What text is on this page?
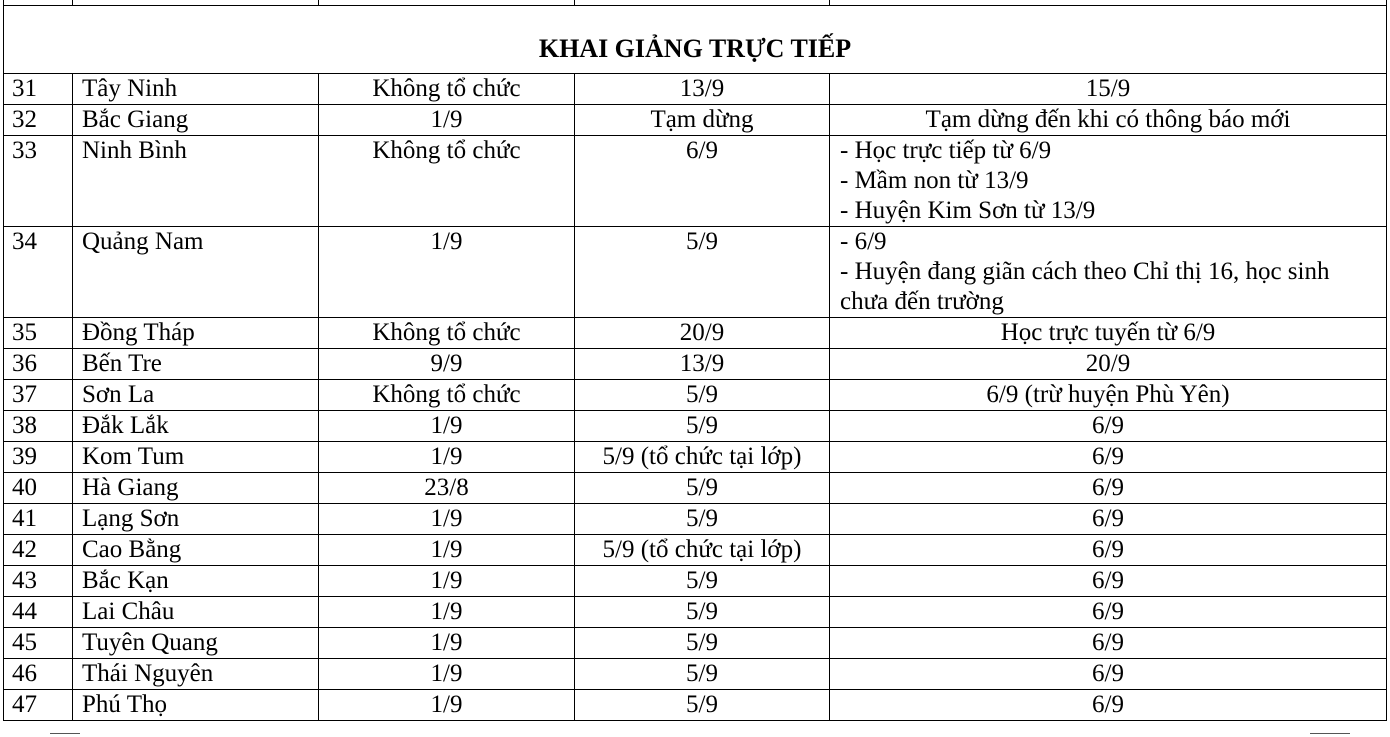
KHAI GIẢNG TRỰC TIẾP				
31	Tây Ninh	Không tổ chức	13/9	15/9
32	Bắc Giang	1/9	Tạm dừng	Tạm dừng đến khi có thông báo mới
33	Ninh Bình	Không tổ chức	6/9	- Học trực tiếp từ 6/9
- Mầm non từ 13/9
- Huyện Kim Sơn từ 13/9

34	Quảng Nam	1/9	5/9	- 6/9
- Huyện đang giãn cách theo Chỉ thị 16, học sinh chưa đến trường

35	Đồng Tháp	Không tổ chức	20/9	Học trực tuyến từ 6/9
36	Bến Tre	9/9	13/9	20/9
37	Sơn La	Không tổ chức	5/9	6/9 (trừ huyện Phù Yên)
38	Đắk Lắk	1/9	5/9	6/9
39	Kom Tum	1/9	5/9 (tổ chức tại lớp)	6/9
40	Hà Giang	23/8	5/9	6/9
41	Lạng Sơn	1/9	5/9	6/9
42	Cao Bằng	1/9	5/9 (tổ chức tại lớp)	6/9
43	Bắc Kạn	1/9	5/9	6/9
44	Lai Châu	1/9	5/9	6/9
45	Tuyên Quang	1/9	5/9	6/9
46	Thái Nguyên	1/9	5/9	6/9
47	Phú Thọ	1/9	5/9	6/9
